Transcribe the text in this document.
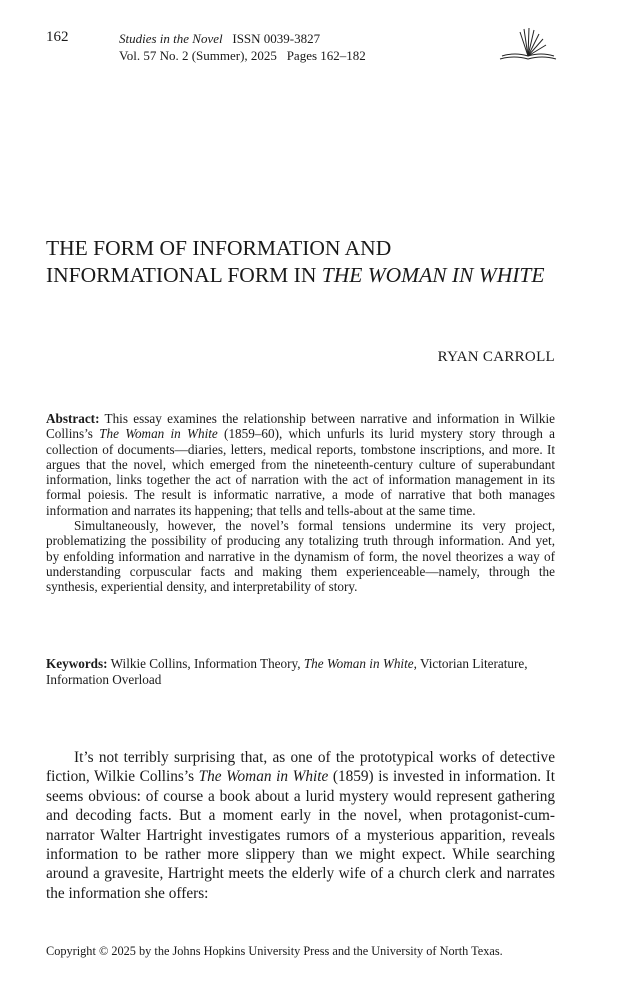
162	Studies in the Novel ISSN 0039-3827
Vol. 57 No. 2 (Summer), 2025 Pages 162–182
THE FORM OF INFORMATION AND INFORMATIONAL FORM IN THE WOMAN IN WHITE
RYAN CARROLL

Abstract: This essay examines the relationship between narrative and information in Wilkie Collins’s The Woman in White (1859–60), which unfurls its lurid mystery story through a collection of documents—diaries, letters, medical reports, tombstone inscriptions, and more. It argues that the novel, which emerged from the nineteenth-century culture of superabundant information, links together the act of narration with the act of information management in its formal poiesis. The result is informatic narrative, a mode of narrative that both manages information and narrates its happening; that tells and tells-about at the same time.

Simultaneously, however, the novel’s formal tensions undermine its very project, problematizing the possibility of producing any totalizing truth through information. And yet, by enfolding information and narrative in the dynamism of form, the novel theorizes a way of understanding corpuscular facts and making them experienceable—namely, through the synthesis, experiential density, and interpretability of story.

Keywords: Wilkie Collins, Information Theory, The Woman in White, Victorian Literature, Information Overload

It’s not terribly surprising that, as one of the prototypical works of detective fiction, Wilkie Collins’s The Woman in White (1859) is invested in information. It seems obvious: of course a book about a lurid mystery would represent gathering and decoding facts. But a moment early in the novel, when protagonist-cum-narrator Walter Hartright investigates rumors of a mysterious apparition, reveals information to be rather more slippery than we might expect. While searching around a gravesite, Hartright meets the elderly wife of a church clerk and narrates the information she offers:

Copyright © 2025 by the Johns Hopkins University Press and the University of North Texas.
